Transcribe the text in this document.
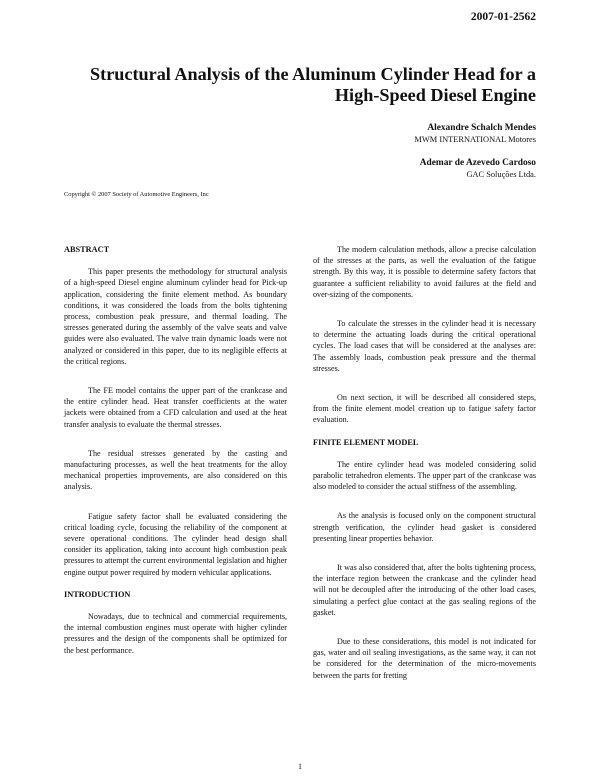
2007-01-2562
Structural Analysis of the Aluminum Cylinder Head for a High-Speed Diesel Engine
Alexandre Schalch Mendes
MWM INTERNATIONAL Motores
Ademar de Azevedo Cardoso
GAC Soluções Ltda.
Copyright © 2007 Society of Automotive Engineers, Inc
ABSTRACT

This paper presents the methodology for structural analysis of a high-speed Diesel engine aluminum cylinder head for Pick-up application, considering the finite element method. As boundary conditions, it was considered the loads from the bolts tightening process, combustion peak pressure, and thermal loading. The stresses generated during the assembly of the valve seats and valve guides were also evaluated. The valve train dynamic loads were not analyzed or considered in this paper, due to its negligible effects at the critical regions.

The FE model contains the upper part of the crankcase and the entire cylinder head. Heat transfer coefficients at the water jackets were obtained from a CFD calculation and used at the heat transfer analysis to evaluate the thermal stresses.

The residual stresses generated by the casting and manufacturing processes, as well the heat treatments for the alloy mechanical properties improvements, are also considered on this analysis.

Fatigue safety factor shall be evaluated considering the critical loading cycle, focusing the reliability of the component at severe operational conditions. The cylinder head design shall consider its application, taking into account high combustion peak pressures to attempt the current environmental legislation and higher engine output power required by modern vehicular applications.

INTRODUCTION

Nowadays, due to technical and commercial requirements, the internal combustion engines must operate with higher cylinder pressures and the design of the components shall be optimized for the best performance.

The modern calculation methods, allow a precise calculation of the stresses at the parts, as well the evaluation of the fatigue strength. By this way, it is possible to determine safety factors that guarantee a sufficient reliability to avoid failures at the field and over-sizing of the components.

To calculate the stresses in the cylinder head it is necessary to determine the actuating loads during the critical operational cycles. The load cases that will be considered at the analyses are: The assembly loads, combustion peak pressure and the thermal stresses.

On next section, it will be described all considered steps, from the finite element model creation up to fatigue safety factor evaluation.

FINITE ELEMENT MODEL

The entire cylinder head was modeled considering solid parabolic tetrahedron elements. The upper part of the crankcase was also modeled to consider the actual stiffness of the assembling.

As the analysis is focused only on the component structural strength verification, the cylinder head gasket is considered presenting linear properties behavior.

It was also considered that, after the bolts tightening process, the interface region between the crankcase and the cylinder head will not be decoupled after the introducing of the other load cases, simulating a perfect glue contact at the gas sealing regions of the gasket.

Due to these considerations, this model is not indicated for gas, water and oil sealing investigations, as the same way, it can not be considered for the determination of the micro-movements between the parts for fretting

1
